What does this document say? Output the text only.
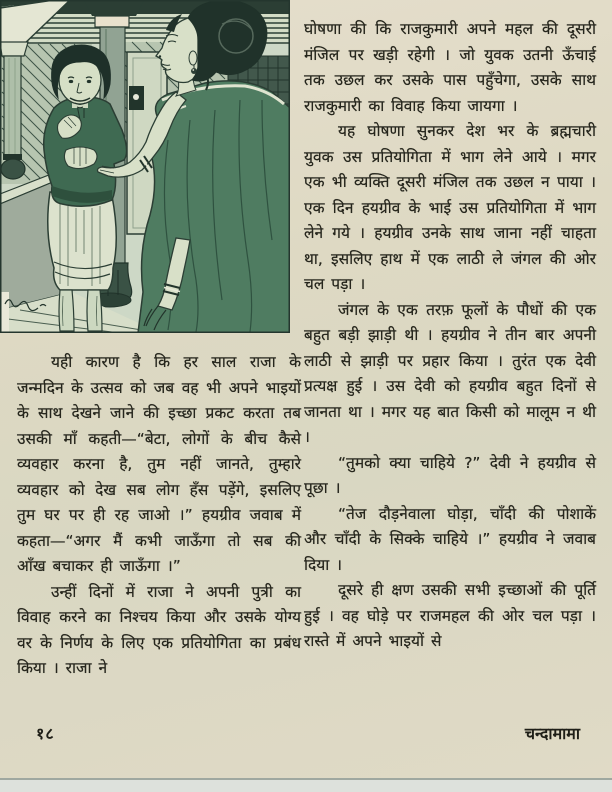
यही कारण है कि हर साल राजा के जन्मदिन के उत्सव को जब वह भी अपने भाइयों के साथ देखने जाने की इच्छा प्रकट करता तब उसकी माँ कहती—“बेटा, लोगों के बीच कैसे व्यवहार करना है, तुम नहीं जानते, तुम्हारे व्यवहार को देख सब लोग हँस पड़ेंगे, इसलिए तुम घर पर ही रह जाओ ।” हयग्रीव जवाब में कहता—“अगर मैं कभी जाऊँगा तो सब की आँख बचाकर ही जाऊँगा ।”

उन्हीं दिनों में राजा ने अपनी पुत्री का विवाह करने का निश्चय किया और उसके योग्य वर के निर्णय के लिए एक प्रतियोगिता का प्रबंध किया । राजा ने

घोषणा की कि राजकुमारी अपने महल की दूसरी मंजिल पर खड़ी रहेगी । जो युवक उतनी ऊँचाई तक उछल कर उसके पास पहुँचेगा, उसके साथ राजकुमारी का विवाह किया जायगा ।

यह घोषणा सुनकर देश भर के ब्रह्मचारी युवक उस प्रतियोगिता में भाग लेने आये । मगर एक भी व्यक्ति दूसरी मंजिल तक उछल न पाया । एक दिन हयग्रीव के भाई उस प्रतियोगिता में भाग लेने गये । हयग्रीव उनके साथ जाना नहीं चाहता था, इसलिए हाथ में एक लाठी ले जंगल की ओर चल पड़ा ।

जंगल के एक तरफ़ फूलों के पौधों की एक बहुत बड़ी झाड़ी थी । हयग्रीव ने तीन बार अपनी लाठी से झाड़ी पर प्रहार किया । तुरंत एक देवी प्रत्यक्ष हुई । उस देवी को हयग्रीव बहुत दिनों से जानता था । मगर यह बात किसी को मालूम न थी ।

“तुमको क्या चाहिये ?” देवी ने हयग्रीव से पूछा ।

“तेज दौड़नेवाला घोड़ा, चाँदी की पोशाकें और चाँदी के सिक्के चाहिये ।” हयग्रीव ने जवाब दिया ।

दूसरे ही क्षण उसकी सभी इच्छाओं की पूर्ति हुई । वह घोड़े पर राजमहल की ओर चल पड़ा । रास्ते में अपने भाइयों से

१८	चन्दामामा
